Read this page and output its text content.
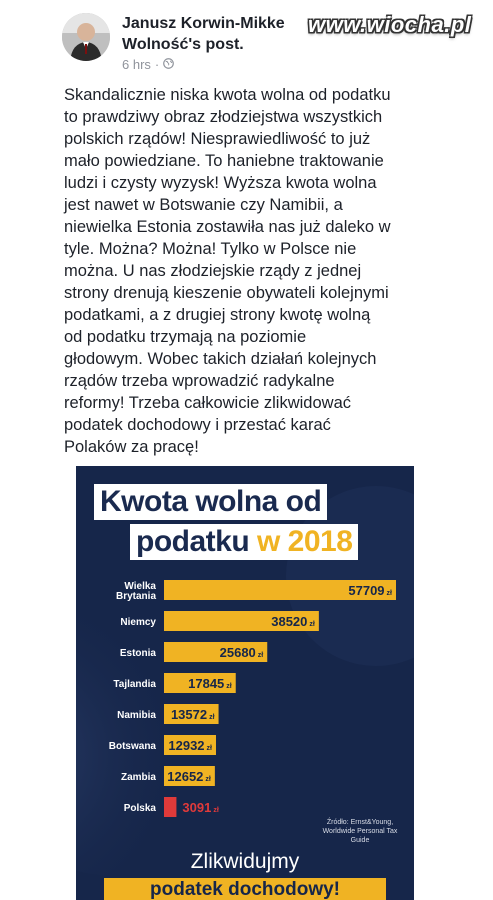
Janusz Korwin-Mikke
Wolność's post.
6 hrs ·
www.wiocha.pl

Skandalicznie niska kwota wolna od podatku

to prawdziwy obraz złodziejstwa wszystkich

polskich rządów! Niesprawiedliwość to już

mało powiedziane. To haniebne traktowanie

ludzi i czysty wyzysk! Wyższa kwota wolna

jest nawet w Botswanie czy Namibii, a

niewielka Estonia zostawiła nas już daleko w

tyle. Można? Można! Tylko w Polsce nie

można. U nas złodziejskie rządy z jednej

strony drenują kieszenie obywateli kolejnymi

podatkami, a z drugiej strony kwotę wolną

od podatku trzymają na poziomie

głodowym. Wobec takich działań kolejnych

rządów trzeba wprowadzić radykalne

reformy! Trzeba całkowicie zlikwidować

podatek dochodowy i przestać karać

Polaków za pracę!

Kwota wolna od
podatku w 2018
Wielka Brytania	57709 zł
Niemcy	38520 zł
Estonia	25680 zł
Tajlandia 17845 zł
Namibia 13572 zł
Botswana 12932 zł
Zambia 12652 zł
Polska 3091 zł
Źródło: Ernst&Young, Worldwide Personal Tax Guide
Zlikwidujmy
podatek dochodowy!
